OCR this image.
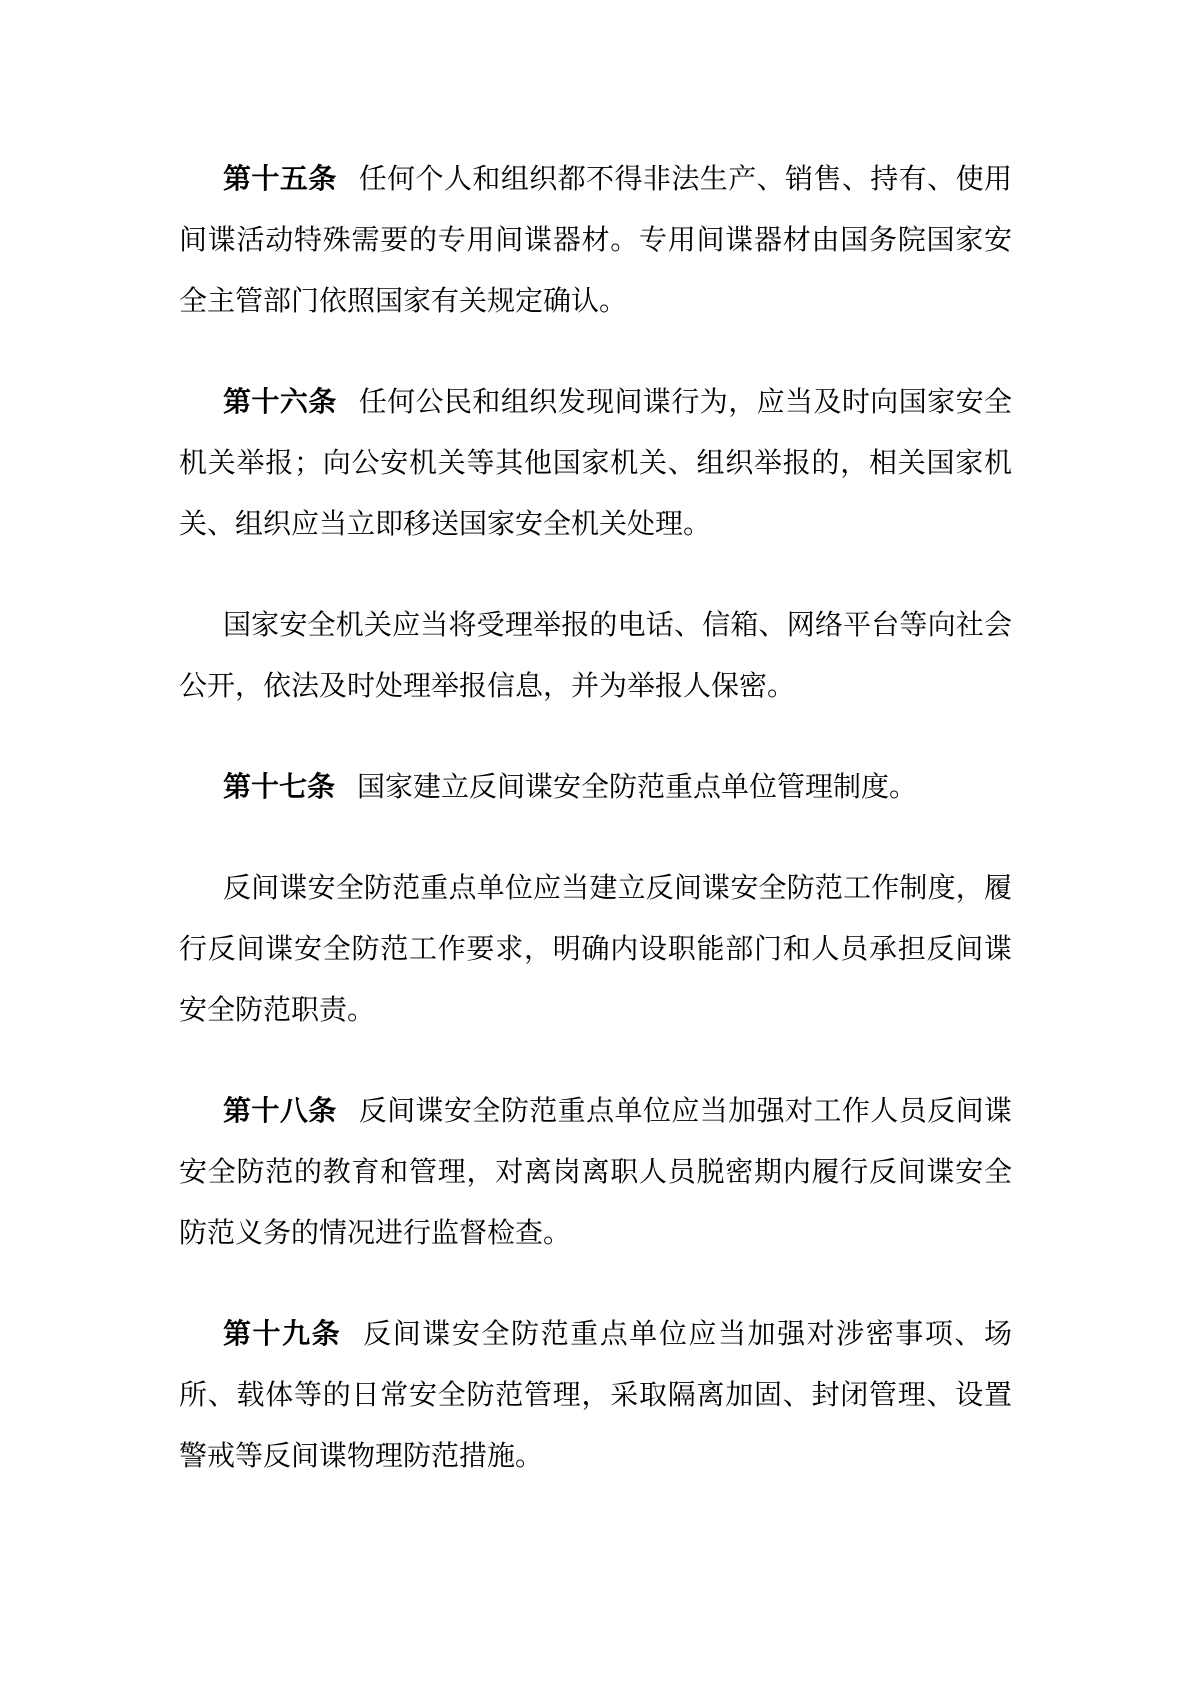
第十五条 任何个人和组织都不得非法生产、销售、持有、使用间谍活动特殊需要的专用间谍器材。专用间谍器材由国务院国家安全主管部门依照国家有关规定确认。

第十六条 任何公民和组织发现间谍行为，应当及时向国家安全机关举报；向公安机关等其他国家机关、组织举报的，相关国家机关、组织应当立即移送国家安全机关处理。

国家安全机关应当将受理举报的电话、信箱、网络平台等向社会公开，依法及时处理举报信息，并为举报人保密。

第十七条 国家建立反间谍安全防范重点单位管理制度。

反间谍安全防范重点单位应当建立反间谍安全防范工作制度，履行反间谍安全防范工作要求，明确内设职能部门和人员承担反间谍安全防范职责。

第十八条 反间谍安全防范重点单位应当加强对工作人员反间谍安全防范的教育和管理，对离岗离职人员脱密期内履行反间谍安全防范义务的情况进行监督检查。

第十九条 反间谍安全防范重点单位应当加强对涉密事项、场所、载体等的日常安全防范管理，采取隔离加固、封闭管理、设置警戒等反间谍物理防范措施。
